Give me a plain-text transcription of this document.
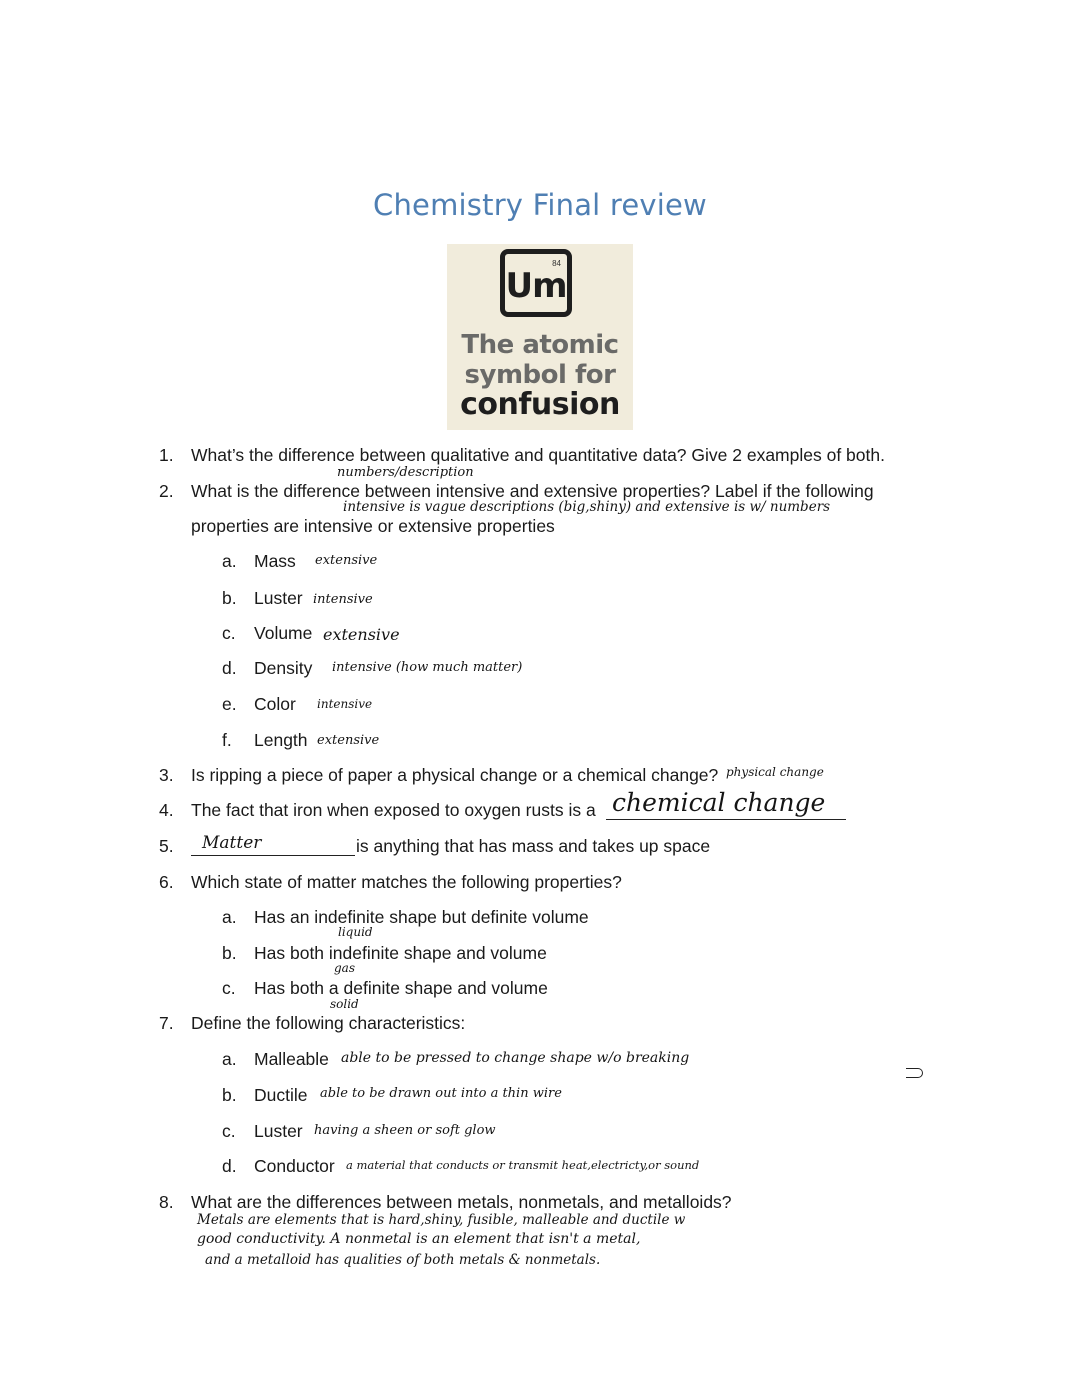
Chemistry Final review
84
Um
The atomic
symbol for
confusion
1. What’s the difference between qualitative and quantitative data? Give 2 examples of both.
numbers/description
2. What is the difference between intensive and extensive properties? Label if the following
intensive is vague descriptions (big,shiny) and extensive is w/ numbers
properties are intensive or extensive properties
a. Mass extensive
b. Luster intensive
c. Volume extensive
d. Density intensive (how much matter)
e. Color intensive
f. Length extensive
3. Is ripping a piece of paper a physical change or a chemical change? physical change
4. The fact that iron when exposed to oxygen rusts is a chemical change
5. Matter	is anything that has mass and takes up space
6. Which state of matter matches the following properties?
a. Has an indefinite shape but definite volume
liquid
b. Has both indefinite shape and volume
gas
c. Has both a definite shape and volume
solid
7. Define the following characteristics:
a. Malleable able to be pressed to change shape w/o breaking
b. Ductile able to be drawn out into a thin wire
c. Luster having a sheen or soft glow
d. Conductor a material that conducts or transmit heat,electricty,or sound
8. What are the differences between metals, nonmetals, and metalloids?
Metals are elements that is hard,shiny, fusible, malleable and ductile w
good conductivity. A nonmetal is an element that isn't a metal,
and a metalloid has qualities of both metals & nonmetals.
